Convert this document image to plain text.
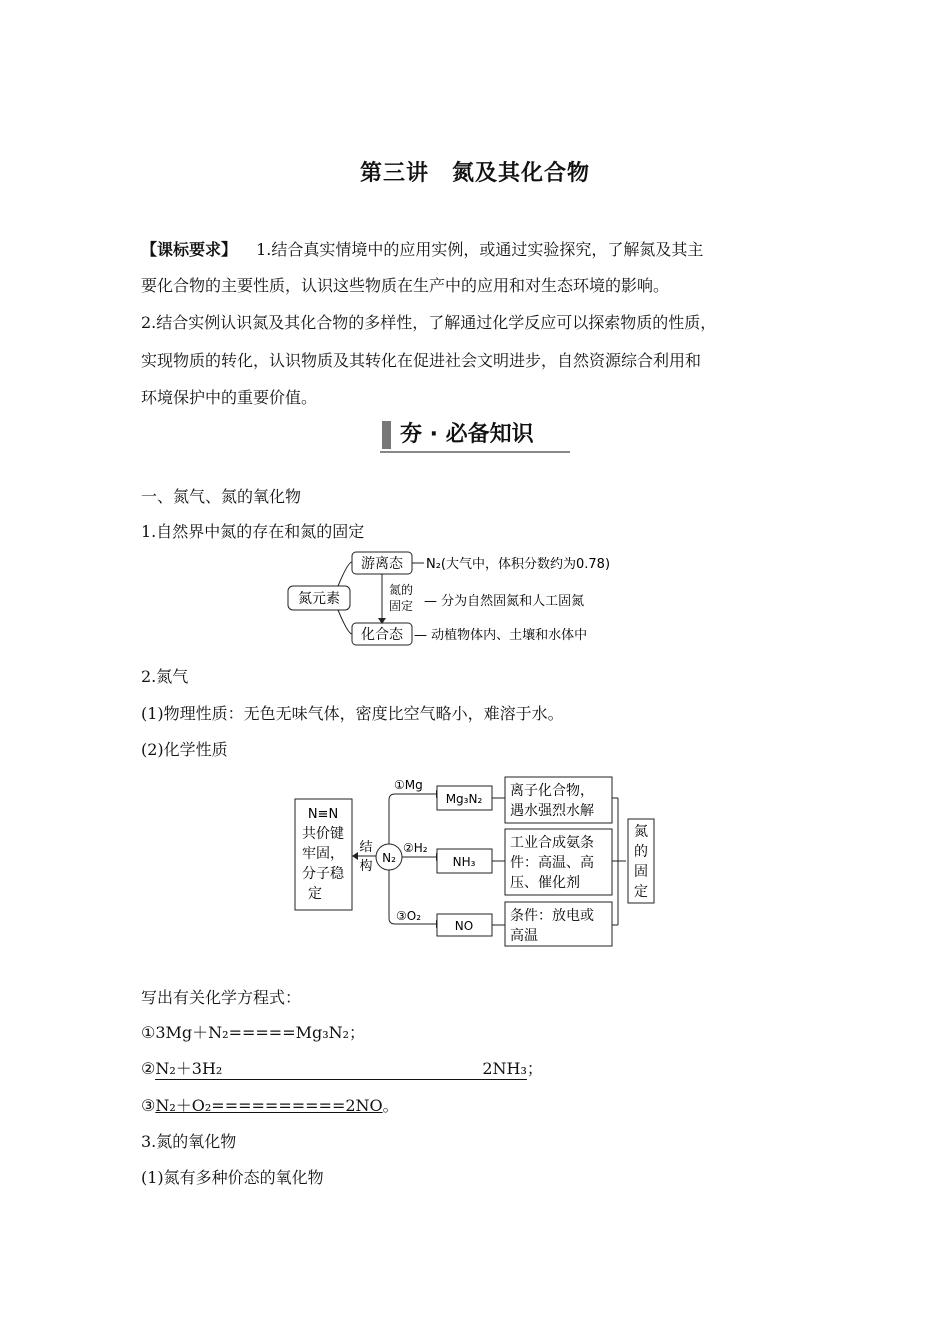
第三讲　氮及其化合物
【课标要求】 1.结合真实情境中的应用实例，或通过实验探究，了解氮及其主
要化合物的主要性质，认识这些物质在生产中的应用和对生态环境的影响。
2.结合实例认识氮及其化合物的多样性，了解通过化学反应可以探索物质的性质，
实现物质的转化，认识物质及其转化在促进社会文明进步，自然资源综合利用和
环境保护中的重要价值。
夯 · 必备知识
一、氮气、氮的氧化物
1.自然界中氮的存在和氮的固定
氮元素
游离态
化合态
氮的
固定
N₂(大气中，体积分数约为0.78)
— 分为自然固氮和人工固氮
— 动植物体内、土壤和水体中
2.氮气
(1)物理性质：无色无味气体，密度比空气略小，难溶于水。
(2)化学性质
N≡N
共价键
牢固，
分子稳
定
结
构
N₂
①Mg
②H₂
③O₂
Mg₃N₂
NH₃
NO
离子化合物，
遇水强烈水解
工业合成氨条
件：高温、高
压、催化剂
条件：放电或
高温
氮
的
固
定
写出有关化学方程式：
①3Mg＋N₂=====Mg₃N₂；
②N₂＋3H₂	2NH₃；
③N₂＋O₂==========2NO。
3.氮的氧化物
(1)氮有多种价态的氧化物
